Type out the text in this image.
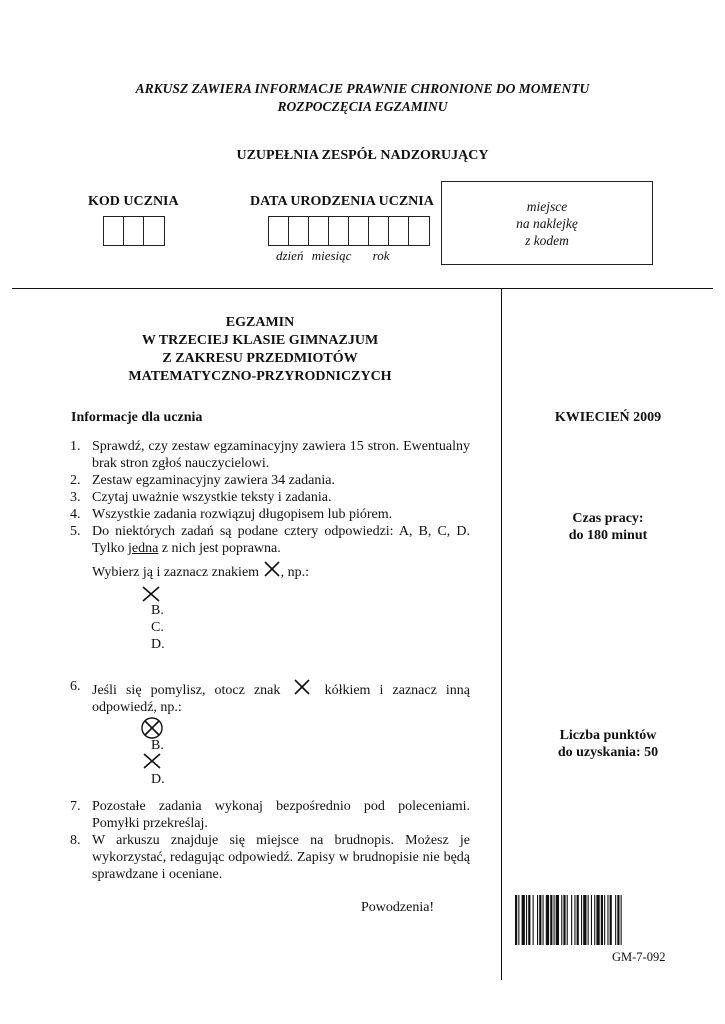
ARKUSZ ZAWIERA INFORMACJE PRAWNIE CHRONIONE DO MOMENTU
ROZPOCZĘCIA EGZAMINU
UZUPEŁNIA ZESPÓŁ NADZORUJĄCY
KOD UCZNIA	DATA URODZENIA UCZNIA
dzień miesiąc rok
miejsce
na naklejkę
z kodem
EGZAMIN
W TRZECIEJ KLASIE GIMNAZJUM
Z ZAKRESU PRZEDMIOTÓW
MATEMATYCZNO-PRZYRODNICZYCH
Informacje dla ucznia
1. Sprawdź, czy zestaw egzaminacyjny zawiera 15 stron. Ewentualny brak stron zgłoś nauczycielowi.
2. Zestaw egzaminacyjny zawiera 34 zadania.
3. Czytaj uważnie wszystkie teksty i zadania.
4. Wszystkie zadania rozwiązuj długopisem lub piórem.
5. Do niektórych zadań są podane cztery odpowiedzi: A, B, C, D. Tylko jedna z nich jest poprawna.
Wybierz ją i zaznacz znakiem , np.:
B.
C.
D.
6. Jeśli się pomylisz, otocz znak	kółkiem i zaznacz inną odpowiedź, np.:
B.
D.
7. Pozostałe zadania wykonaj bezpośrednio pod poleceniami. Pomyłki przekreślaj.
8. W arkuszu znajduje się miejsce na brudnopis. Możesz je wykorzystać, redagując odpowiedź. Zapisy w brudnopisie nie będą sprawdzane i oceniane.
Powodzenia!
KWIECIEŃ 2009
Czas pracy:
do 180 minut
Liczba punktów
do uzyskania: 50
GM-7-092
